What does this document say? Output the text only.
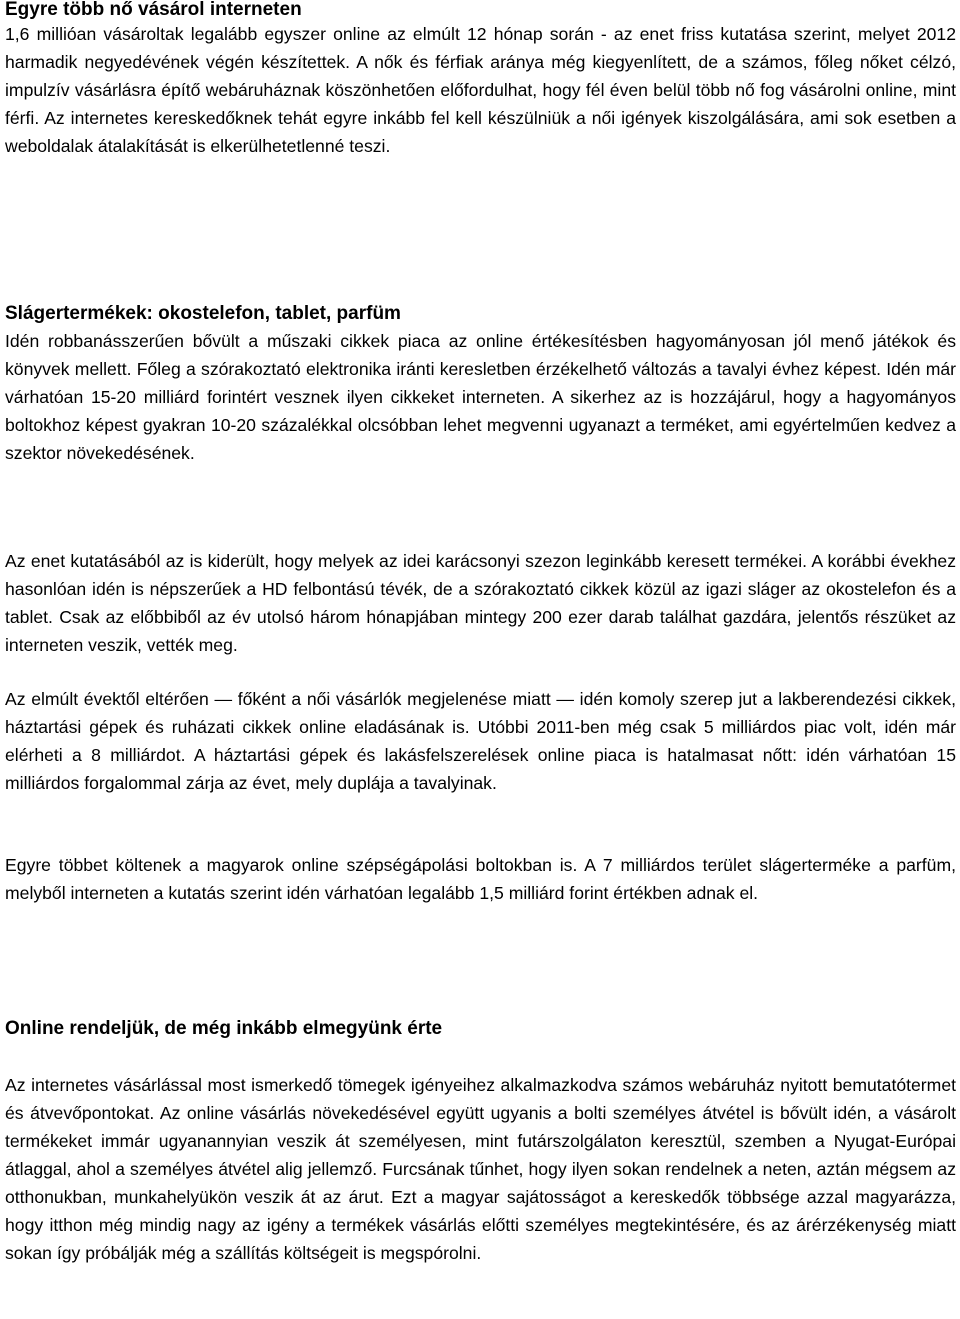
Egyre több nő vásárol interneten

1,6 millióan vásároltak legalább egyszer online az elmúlt 12 hónap során - az enet friss kutatása szerint, melyet 2012 harmadik negyedévének végén készítettek. A nők és férfiak aránya még kiegyenlített, de a számos, főleg nőket célzó, impulzív vásárlásra építő webáruháznak köszönhetően előfordulhat, hogy fél éven belül több nő fog vásárolni online, mint férfi. Az internetes kereskedőknek tehát egyre inkább fel kell készülniük a női igények kiszolgálására, ami sok esetben a weboldalak átalakítását is elkerülhetetlenné teszi.

Slágertermékek: okostelefon, tablet, parfüm

Idén robbanásszerűen bővült a műszaki cikkek piaca az online értékesítésben hagyományosan jól menő játékok és könyvek mellett. Főleg a szórakoztató elektronika iránti keresletben érzékelhető változás a tavalyi évhez képest. Idén már várhatóan 15-20 milliárd forintért vesznek ilyen cikkeket interneten. A sikerhez az is hozzájárul, hogy a hagyományos boltokhoz képest gyakran 10-20 százalékkal olcsóbban lehet megvenni ugyanazt a terméket, ami egyértelműen kedvez a szektor növekedésének.

Az enet kutatásából az is kiderült, hogy melyek az idei karácsonyi szezon leginkább keresett termékei. A korábbi évekhez hasonlóan idén is népszerűek a HD felbontású tévék, de a szórakoztató cikkek közül az igazi sláger az okostelefon és a tablet. Csak az előbbiből az év utolsó három hónapjában mintegy 200 ezer darab találhat gazdára, jelentős részüket az interneten veszik, vették meg.

Az elmúlt évektől eltérően — főként a női vásárlók megjelenése miatt — idén komoly szerep jut a lakberendezési cikkek, háztartási gépek és ruházati cikkek online eladásának is. Utóbbi 2011-ben még csak 5 milliárdos piac volt, idén már elérheti a 8 milliárdot. A háztartási gépek és lakásfelszerelések online piaca is hatalmasat nőtt: idén várhatóan 15 milliárdos forgalommal zárja az évet, mely duplája a tavalyinak.

Egyre többet költenek a magyarok online szépségápolási boltokban is. A 7 milliárdos terület slágerterméke a parfüm, melyből interneten a kutatás szerint idén várhatóan legalább 1,5 milliárd forint értékben adnak el.

Online rendeljük, de még inkább elmegyünk érte

Az internetes vásárlással most ismerkedő tömegek igényeihez alkalmazkodva számos webáruház nyitott bemutatótermet és átvevőpontokat. Az online vásárlás növekedésével együtt ugyanis a bolti személyes átvétel is bővült idén, a vásárolt termékeket immár ugyanannyian veszik át személyesen, mint futárszolgálaton keresztül, szemben a Nyugat-Európai átlaggal, ahol a személyes átvétel alig jellemző. Furcsának tűnhet, hogy ilyen sokan rendelnek a neten, aztán mégsem az otthonukban, munkahelyükön veszik át az árut. Ezt a magyar sajátosságot a kereskedők többsége azzal magyarázza, hogy itthon még mindig nagy az igény a termékek vásárlás előtti személyes megtekintésére, és az árérzékenység miatt sokan így próbálják még a szállítás költségeit is megspórolni.
